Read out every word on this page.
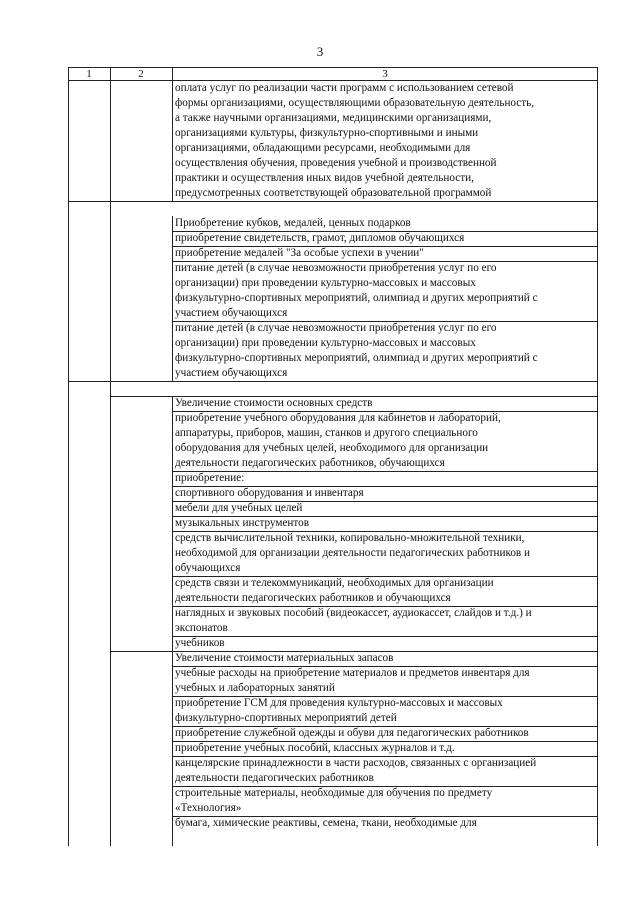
3
1	2	3
оплата услуг по реализации части программ с использованием сетевой
формы организациями, осуществляющими образовательную деятельность,
а также научными организациями, медицинскими организациями,
организациями культуры, физкультурно-спортивными и иными
организациями, обладающими ресурсами, необходимыми для
осуществления обучения, проведения учебной и производственной
практики и осуществления иных видов учебной деятельности,
предусмотренных соответствующей образовательной программой
Приобретение кубков, медалей, ценных подарков
приобретение свидетельств, грамот, дипломов обучающихся
приобретение медалей "За особые успехи в учении"
питание детей (в случае невозможности приобретения услуг по его
организации) при проведении культурно-массовых и массовых
физкультурно-спортивных мероприятий, олимпиад и других мероприятий с
участием обучающихся
питание детей (в случае невозможности приобретения услуг по его
организации) при проведении культурно-массовых и массовых
физкультурно-спортивных мероприятий, олимпиад и других мероприятий с
участием обучающихся
Увеличение стоимости основных средств
приобретение учебного оборудования для кабинетов и лабораторий,
аппаратуры, приборов, машин, станков и другого специального
оборудования для учебных целей, необходимого для организации
деятельности педагогических работников, обучающихся
приобретение:
спортивного оборудования и инвентаря
мебели для учебных целей
музыкальных инструментов
средств вычислительной техники, копировально-множительной техники,
необходимой для организации деятельности педагогических работников и
обучающихся
средств связи и телекоммуникаций, необходимых для организации
деятельности педагогических работников и обучающихся
наглядных и звуковых пособий (видеокассет, аудиокассет, слайдов и т.д.) и
экспонатов
учебников
Увеличение стоимости материальных запасов
учебные расходы на приобретение материалов и предметов инвентаря для
учебных и лабораторных занятий
приобретение ГСМ для проведения культурно-массовых и массовых
физкультурно-спортивных мероприятий детей
приобретение служебной одежды и обуви для педагогических работников
приобретение учебных пособий, классных журналов и т.д.
канцелярские принадлежности в части расходов, связанных с организацией
деятельности педагогических работников
строительные материалы, необходимые для обучения по предмету
«Технология»
бумага, химические реактивы, семена, ткани, необходимые для
